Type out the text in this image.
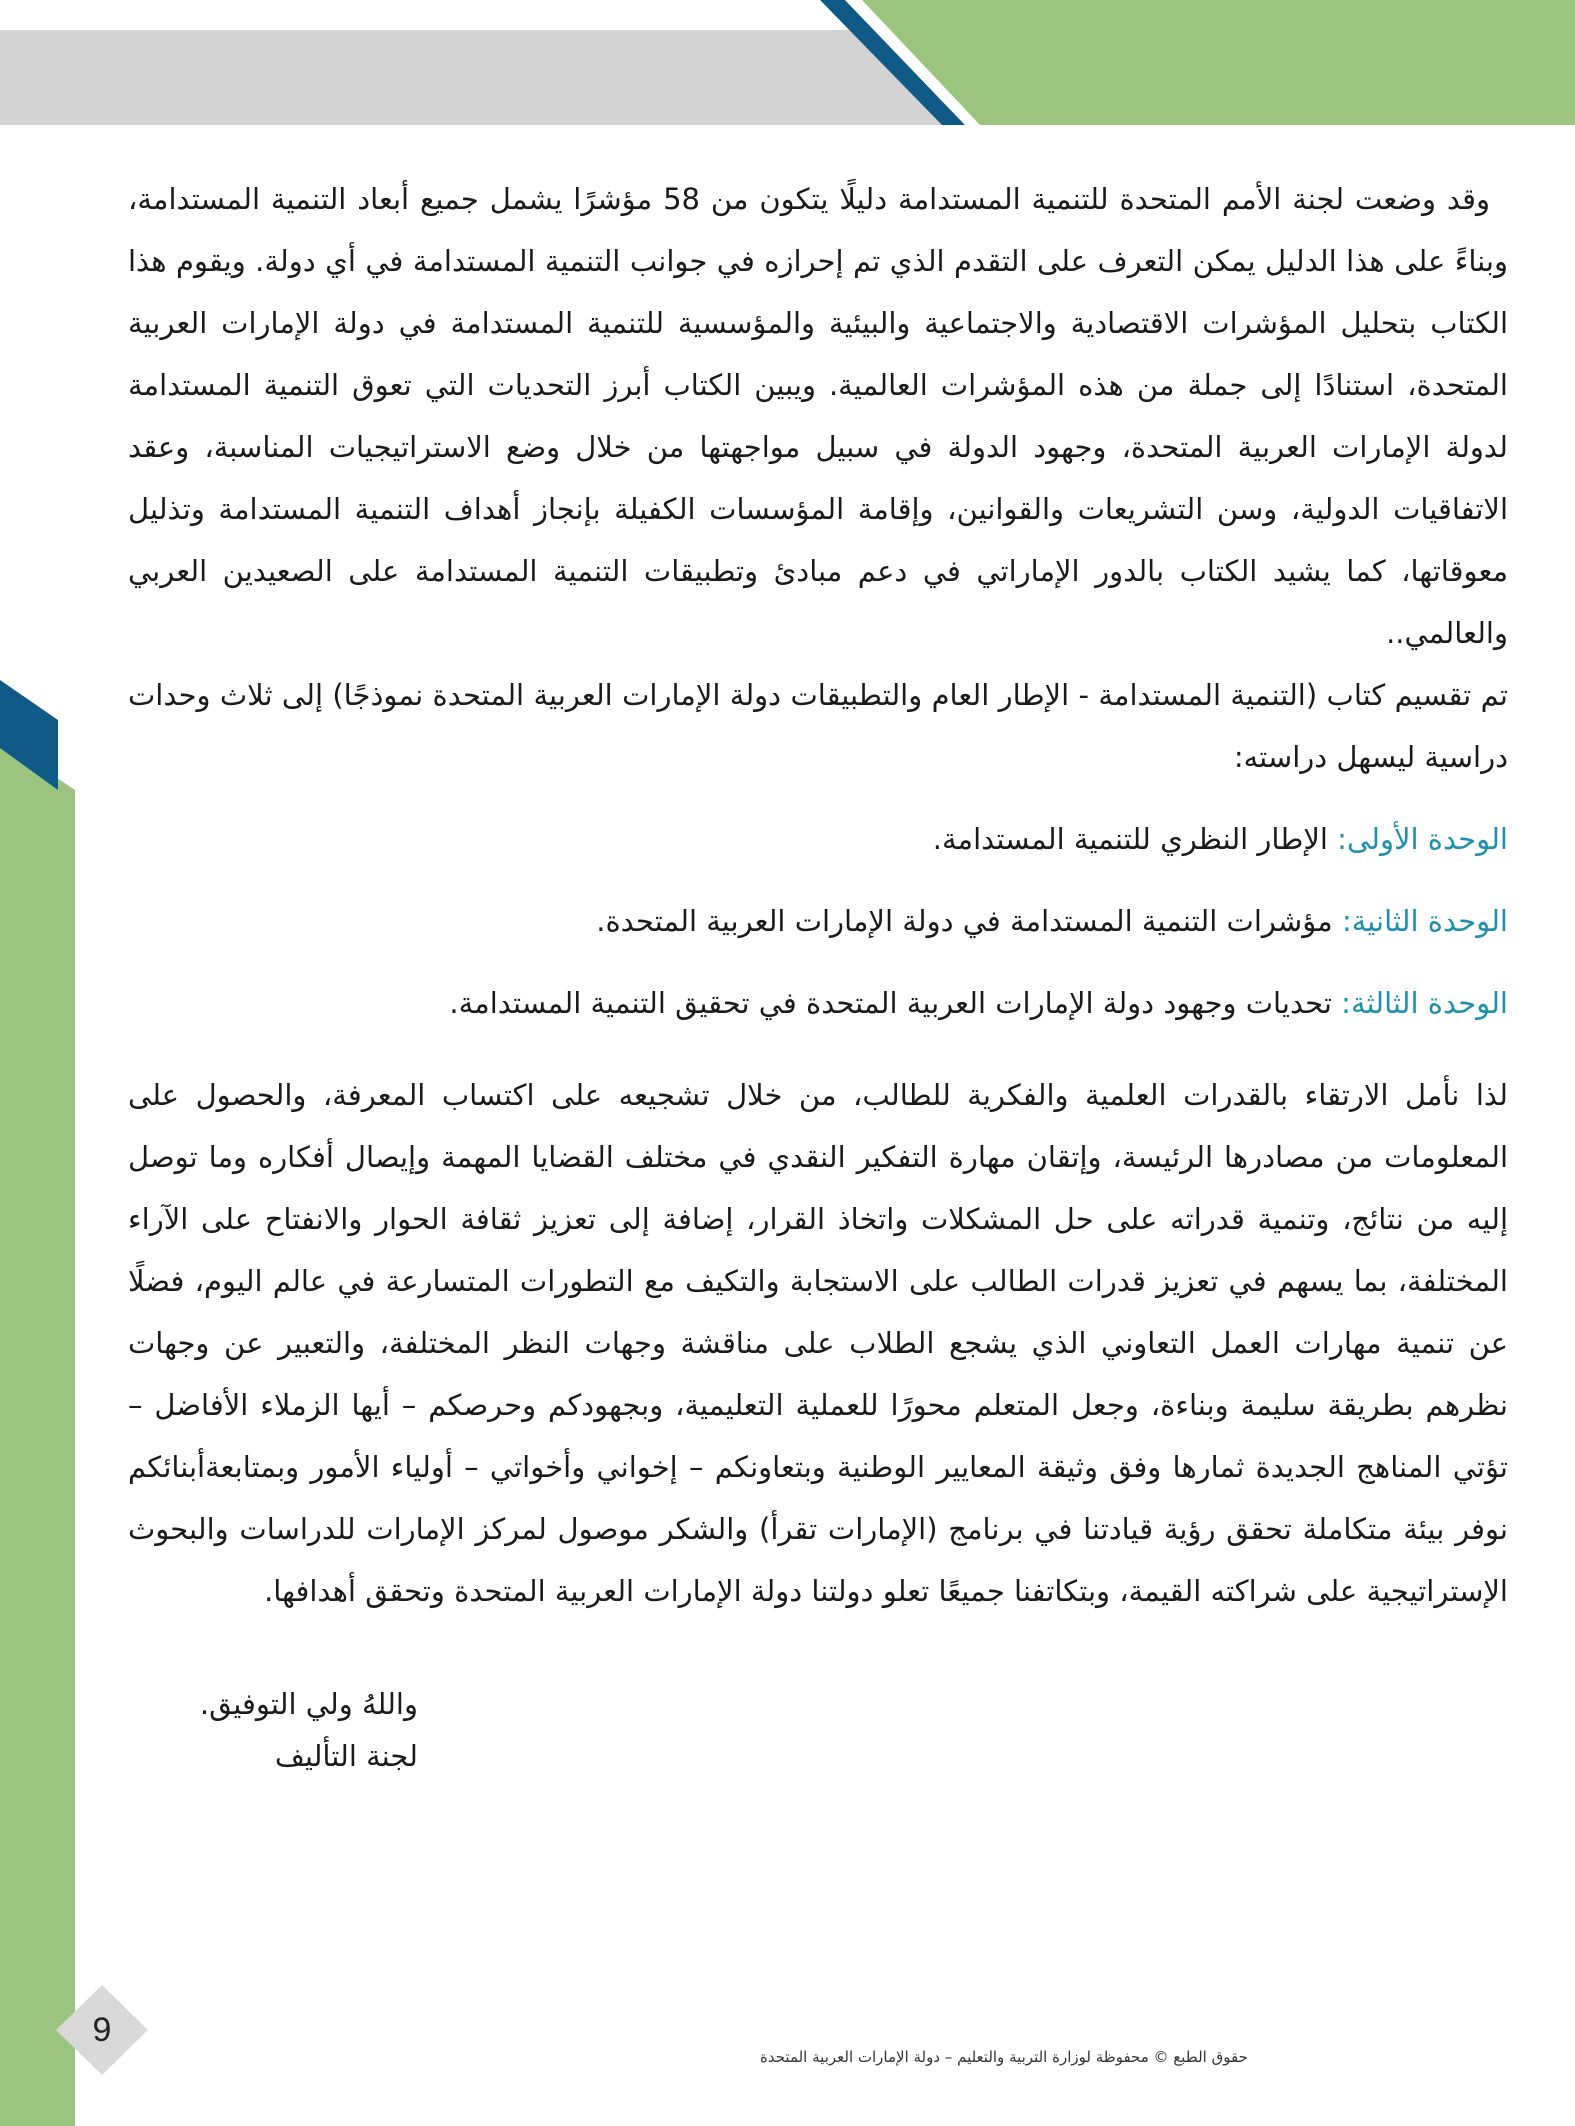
وقد وضعت لجنة الأمم المتحدة للتنمية المستدامة دليلًا يتكون من 58 مؤشرًا يشمل جميع أبعاد التنمية المستدامة، وبناءً على هذا الدليل يمكن التعرف على التقدم الذي تم إحرازه في جوانب التنمية المستدامة في أي دولة. ويقوم هذا الكتاب بتحليل المؤشرات الاقتصادية والاجتماعية والبيئية والمؤسسية للتنمية المستدامة في دولة الإمارات العربية المتحدة، استنادًا إلى جملة من هذه المؤشرات العالمية. ويبين الكتاب أبرز التحديات التي تعوق التنمية المستدامة لدولة الإمارات العربية المتحدة، وجهود الدولة في سبيل مواجهتها من خلال وضع الاستراتيجيات المناسبة، وعقد الاتفاقيات الدولية، وسن التشريعات والقوانين، وإقامة المؤسسات الكفيلة بإنجاز أهداف التنمية المستدامة وتذليل معوقاتها، كما يشيد الكتاب بالدور الإماراتي في دعم مبادئ وتطبيقات التنمية المستدامة على الصعيدين العربي والعالمي..

تم تقسيم كتاب (التنمية المستدامة - الإطار العام والتطبيقات دولة الإمارات العربية المتحدة نموذجًا) إلى ثلاث وحدات دراسية ليسهل دراسته:

الوحدة الأولى: الإطار النظري للتنمية المستدامة.

الوحدة الثانية: مؤشرات التنمية المستدامة في دولة الإمارات العربية المتحدة.

الوحدة الثالثة: تحديات وجهود دولة الإمارات العربية المتحدة في تحقيق التنمية المستدامة.

لذا نأمل الارتقاء بالقدرات العلمية والفكرية للطالب، من خلال تشجيعه على اكتساب المعرفة، والحصول على المعلومات من مصادرها الرئيسة، وإتقان مهارة التفكير النقدي في مختلف القضايا المهمة وإيصال أفكاره وما توصل إليه من نتائج، وتنمية قدراته على حل المشكلات واتخاذ القرار، إضافة إلى تعزيز ثقافة الحوار والانفتاح على الآراء المختلفة، بما يسهم في تعزيز قدرات الطالب على الاستجابة والتكيف مع التطورات المتسارعة في عالم اليوم، فضلًا عن تنمية مهارات العمل التعاوني الذي يشجع الطلاب على مناقشة وجهات النظر المختلفة، والتعبير عن وجهات نظرهم بطريقة سليمة وبناءة، وجعل المتعلم محورًا للعملية التعليمية، وبجهودكم وحرصكم – أيها الزملاء الأفاضل – تؤتي المناهج الجديدة ثمارها وفق وثيقة المعايير الوطنية وبتعاونكم – إخواني وأخواتي – أولياء الأمور وبمتابعةأبنائكم نوفر بيئة متكاملة تحقق رؤية قيادتنا في برنامج (الإمارات تقرأ) والشكر موصول لمركز الإمارات للدراسات والبحوث الإستراتيجية على شراكته القيمة، وبتكاتفنا جميعًا تعلو دولتنا دولة الإمارات العربية المتحدة وتحقق أهدافها.

واللهُ ولي التوفيق.
لجنة التأليف
9
حقوق الطبع © محفوظة لوزارة التربية والتعليم – دولة الإمارات العربية المتحدة
